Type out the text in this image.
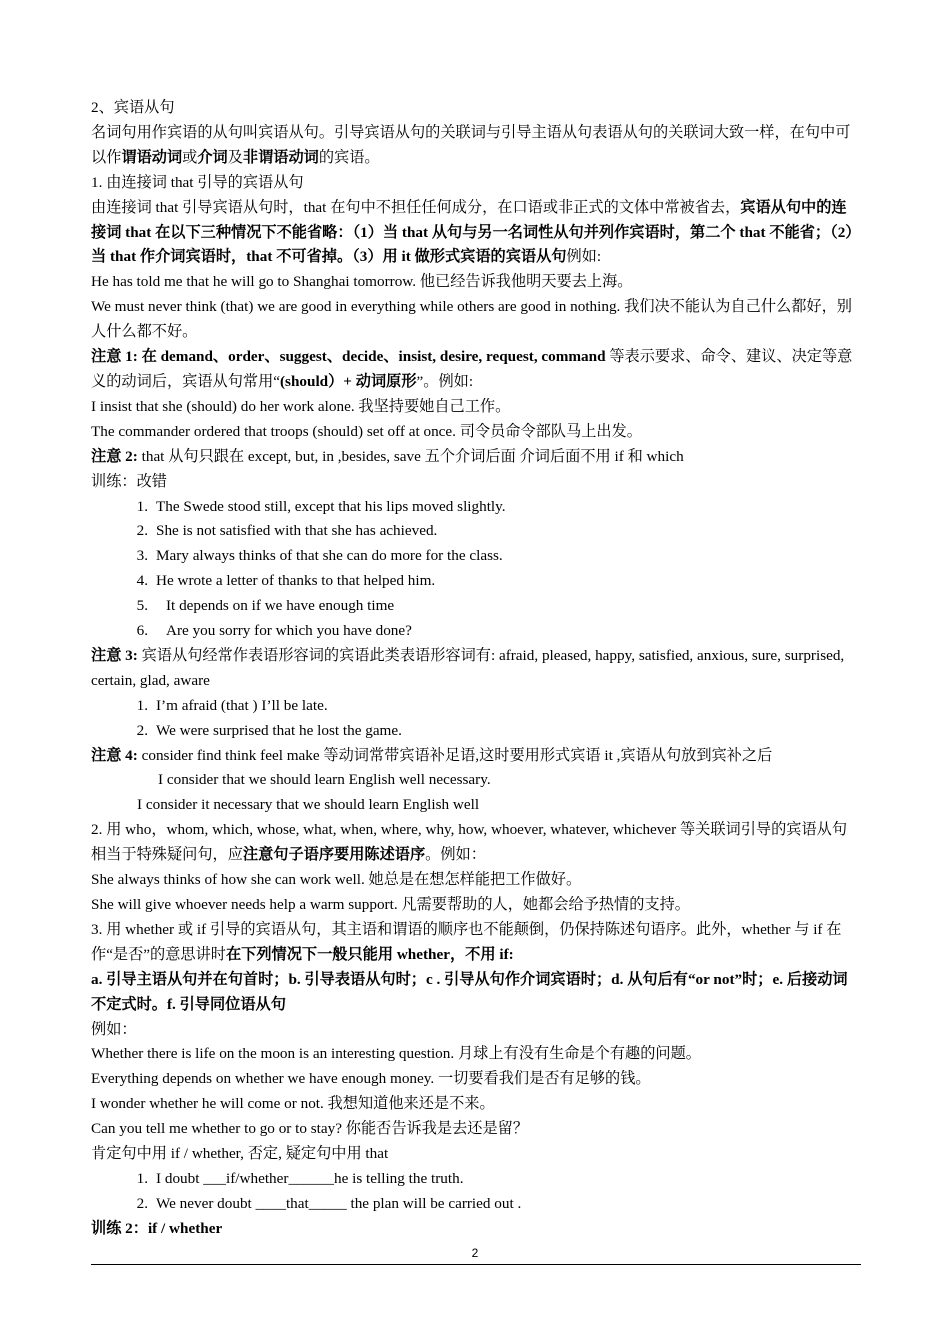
2、宾语从句
名词句用作宾语的从句叫宾语从句。引导宾语从句的关联词与引导主语从句表语从句的关联词大致一样，在句中可以作谓语动词或介词及非谓语动词的宾语。
1. 由连接词 that 引导的宾语从句
由连接词 that 引导宾语从句时，that 在句中不担任任何成分，在口语或非正式的文体中常被省去，宾语从句中的连接词 that 在以下三种情况下不能省略：（1）当 that 从句与另一名词性从句并列作宾语时，第二个 that 不能省；（2）当 that 作介词宾语时，that 不可省掉。（3）用 it 做形式宾语的宾语从句例如:
He has told me that he will go to Shanghai tomorrow. 他已经告诉我他明天要去上海。
We must never think (that) we are good in everything while others are good in nothing. 我们决不能认为自己什么都好，别人什么都不好。
注意 1: 在 demand、order、suggest、decide、insist, desire, request, command 等表示要求、命令、建议、决定等意义的动词后，宾语从句常用“(should）+ 动词原形”。例如:
I insist that she (should) do her work alone. 我坚持要她自己工作。
The commander ordered that troops (should) set off at once. 司令员命令部队马上出发。
注意 2: that 从句只跟在 except, but, in ,besides, save 五个介词后面 介词后面不用 if 和 which
训练：改错
1. The Swede stood still, except that his lips moved slightly.
2. She is not satisfied with that she has achieved.
3. Mary always thinks of that she can do more for the class.
4. He wrote a letter of thanks to that helped him.
5.	It depends on if we have enough time
6.	Are you sorry for which you have done?
注意 3: 宾语从句经常作表语形容词的宾语此类表语形容词有: afraid, pleased, happy, satisfied, anxious, sure, surprised, certain, glad, aware
1. I’m afraid (that ) I’ll be late.
2. We were surprised that he lost the game.
注意 4: consider find think feel make 等动词常带宾语补足语,这时要用形式宾语 it ,宾语从句放到宾补之后
I consider that we should learn English well necessary.
I consider it necessary that we should learn English well
2. 用 who，whom, which, whose, what, when, where, why, how, whoever, whatever, whichever 等关联词引导的宾语从句相当于特殊疑问句，应注意句子语序要用陈述语序。例如：
She always thinks of how she can work well. 她总是在想怎样能把工作做好。
She will give whoever needs help a warm support. 凡需要帮助的人，她都会给予热情的支持。
3. 用 whether 或 if 引导的宾语从句，其主语和谓语的顺序也不能颠倒，仍保持陈述句语序。此外，whether 与 if 在作“是否”的意思讲时在下列情况下一般只能用 whether，不用 if:
a. 引导主语从句并在句首时；b. 引导表语从句时；c . 引导从句作介词宾语时；d. 从句后有“or not”时；e. 后接动词不定式时。f. 引导同位语从句
例如：
Whether there is life on the moon is an interesting question. 月球上有没有生命是个有趣的问题。
Everything depends on whether we have enough money. 一切要看我们是否有足够的钱。
I wonder whether he will come or not. 我想知道他来还是不来。
Can you tell me whether to go or to stay? 你能否告诉我是去还是留？
肯定句中用 if / whether, 否定, 疑定句中用 that
1. I doubt ___if/whether______he is telling the truth.
2. We never doubt ____that_____ the plan will be carried out .
训练 2：if / whether
2
